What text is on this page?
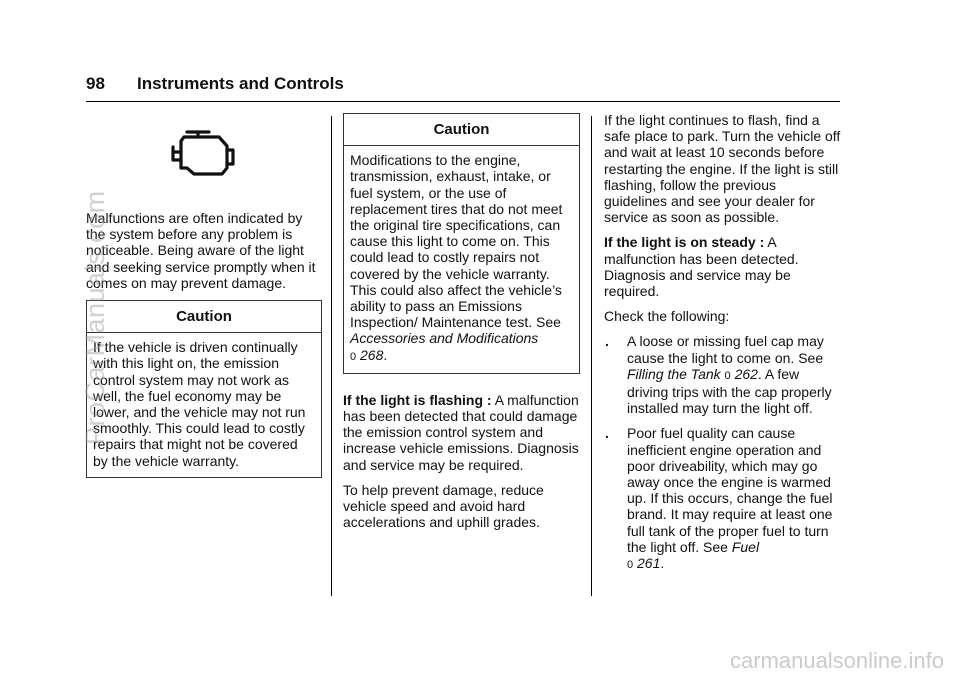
98 Instruments and Controls

Malfunctions are often indicated by the system before any problem is noticeable. Being aware of the light and seeking service promptly when it comes on may prevent damage.

Caution
If the vehicle is driven continually with this light on, the emission control system may not work as well, the fuel economy may be lower, and the vehicle may not run smoothly. This could lead to costly repairs that might not be covered by the vehicle warranty.
Caution
Modifications to the engine, transmission, exhaust, intake, or fuel system, or the use of replacement tires that do not meet the original tire specifications, can cause this light to come on. This could lead to costly repairs not covered by the vehicle warranty. This could also affect the vehicle’s ability to pass an Emissions Inspection/ Maintenance test. See Accessories and Modifications
0 268.

If the light is flashing : A malfunction has been detected that could damage the emission control system and increase vehicle emissions. Diagnosis and service may be required.

To help prevent damage, reduce vehicle speed and avoid hard accelerations and uphill grades.

If the light continues to flash, find a safe place to park. Turn the vehicle off and wait at least 10 seconds before restarting the engine. If the light is still flashing, follow the previous guidelines and see your dealer for service as soon as possible.

If the light is on steady : A malfunction has been detected. Diagnosis and service may be required.

Check the following:

. A loose or missing fuel cap may cause the light to come on. See Filling the Tank 0 262. A few driving trips with the cap properly installed may turn the light off.
. Poor fuel quality can cause inefficient engine operation and poor driveability, which may go away once the engine is warmed up. If this occurs, change the fuel brand. It may require at least one full tank of the proper fuel to turn the light off. See Fuel
0 261.
ProCarManuals.com
carmanualsonline.info
